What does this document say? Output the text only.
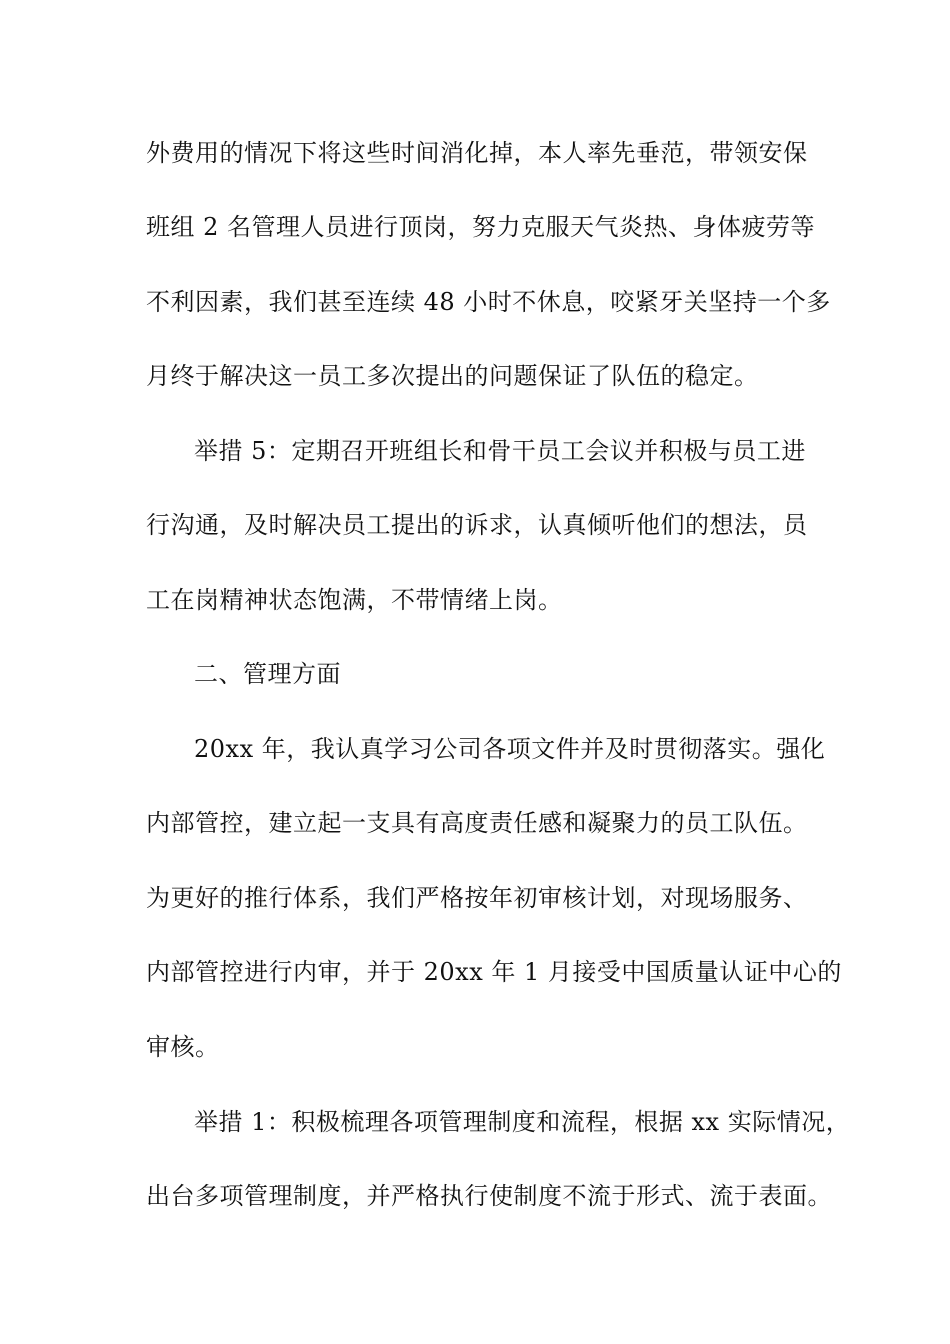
外费用的情况下将这些时间消化掉，本人率先垂范，带领安保
班组 2 名管理人员进行顶岗，努力克服天气炎热、身体疲劳等
不利因素，我们甚至连续 48 小时不休息，咬紧牙关坚持一个多
月终于解决这一员工多次提出的问题保证了队伍的稳定。
举措 5：定期召开班组长和骨干员工会议并积极与员工进
行沟通，及时解决员工提出的诉求，认真倾听他们的想法，员
工在岗精神状态饱满，不带情绪上岗。
二、管理方面
20xx 年，我认真学习公司各项文件并及时贯彻落实。强化
内部管控，建立起一支具有高度责任感和凝聚力的员工队伍。
为更好的推行体系，我们严格按年初审核计划，对现场服务、
内部管控进行内审，并于 20xx 年 1 月接受中国质量认证中心的
审核。
举措 1：积极梳理各项管理制度和流程，根据 xx 实际情况，
出台多项管理制度，并严格执行使制度不流于形式、流于表面。
